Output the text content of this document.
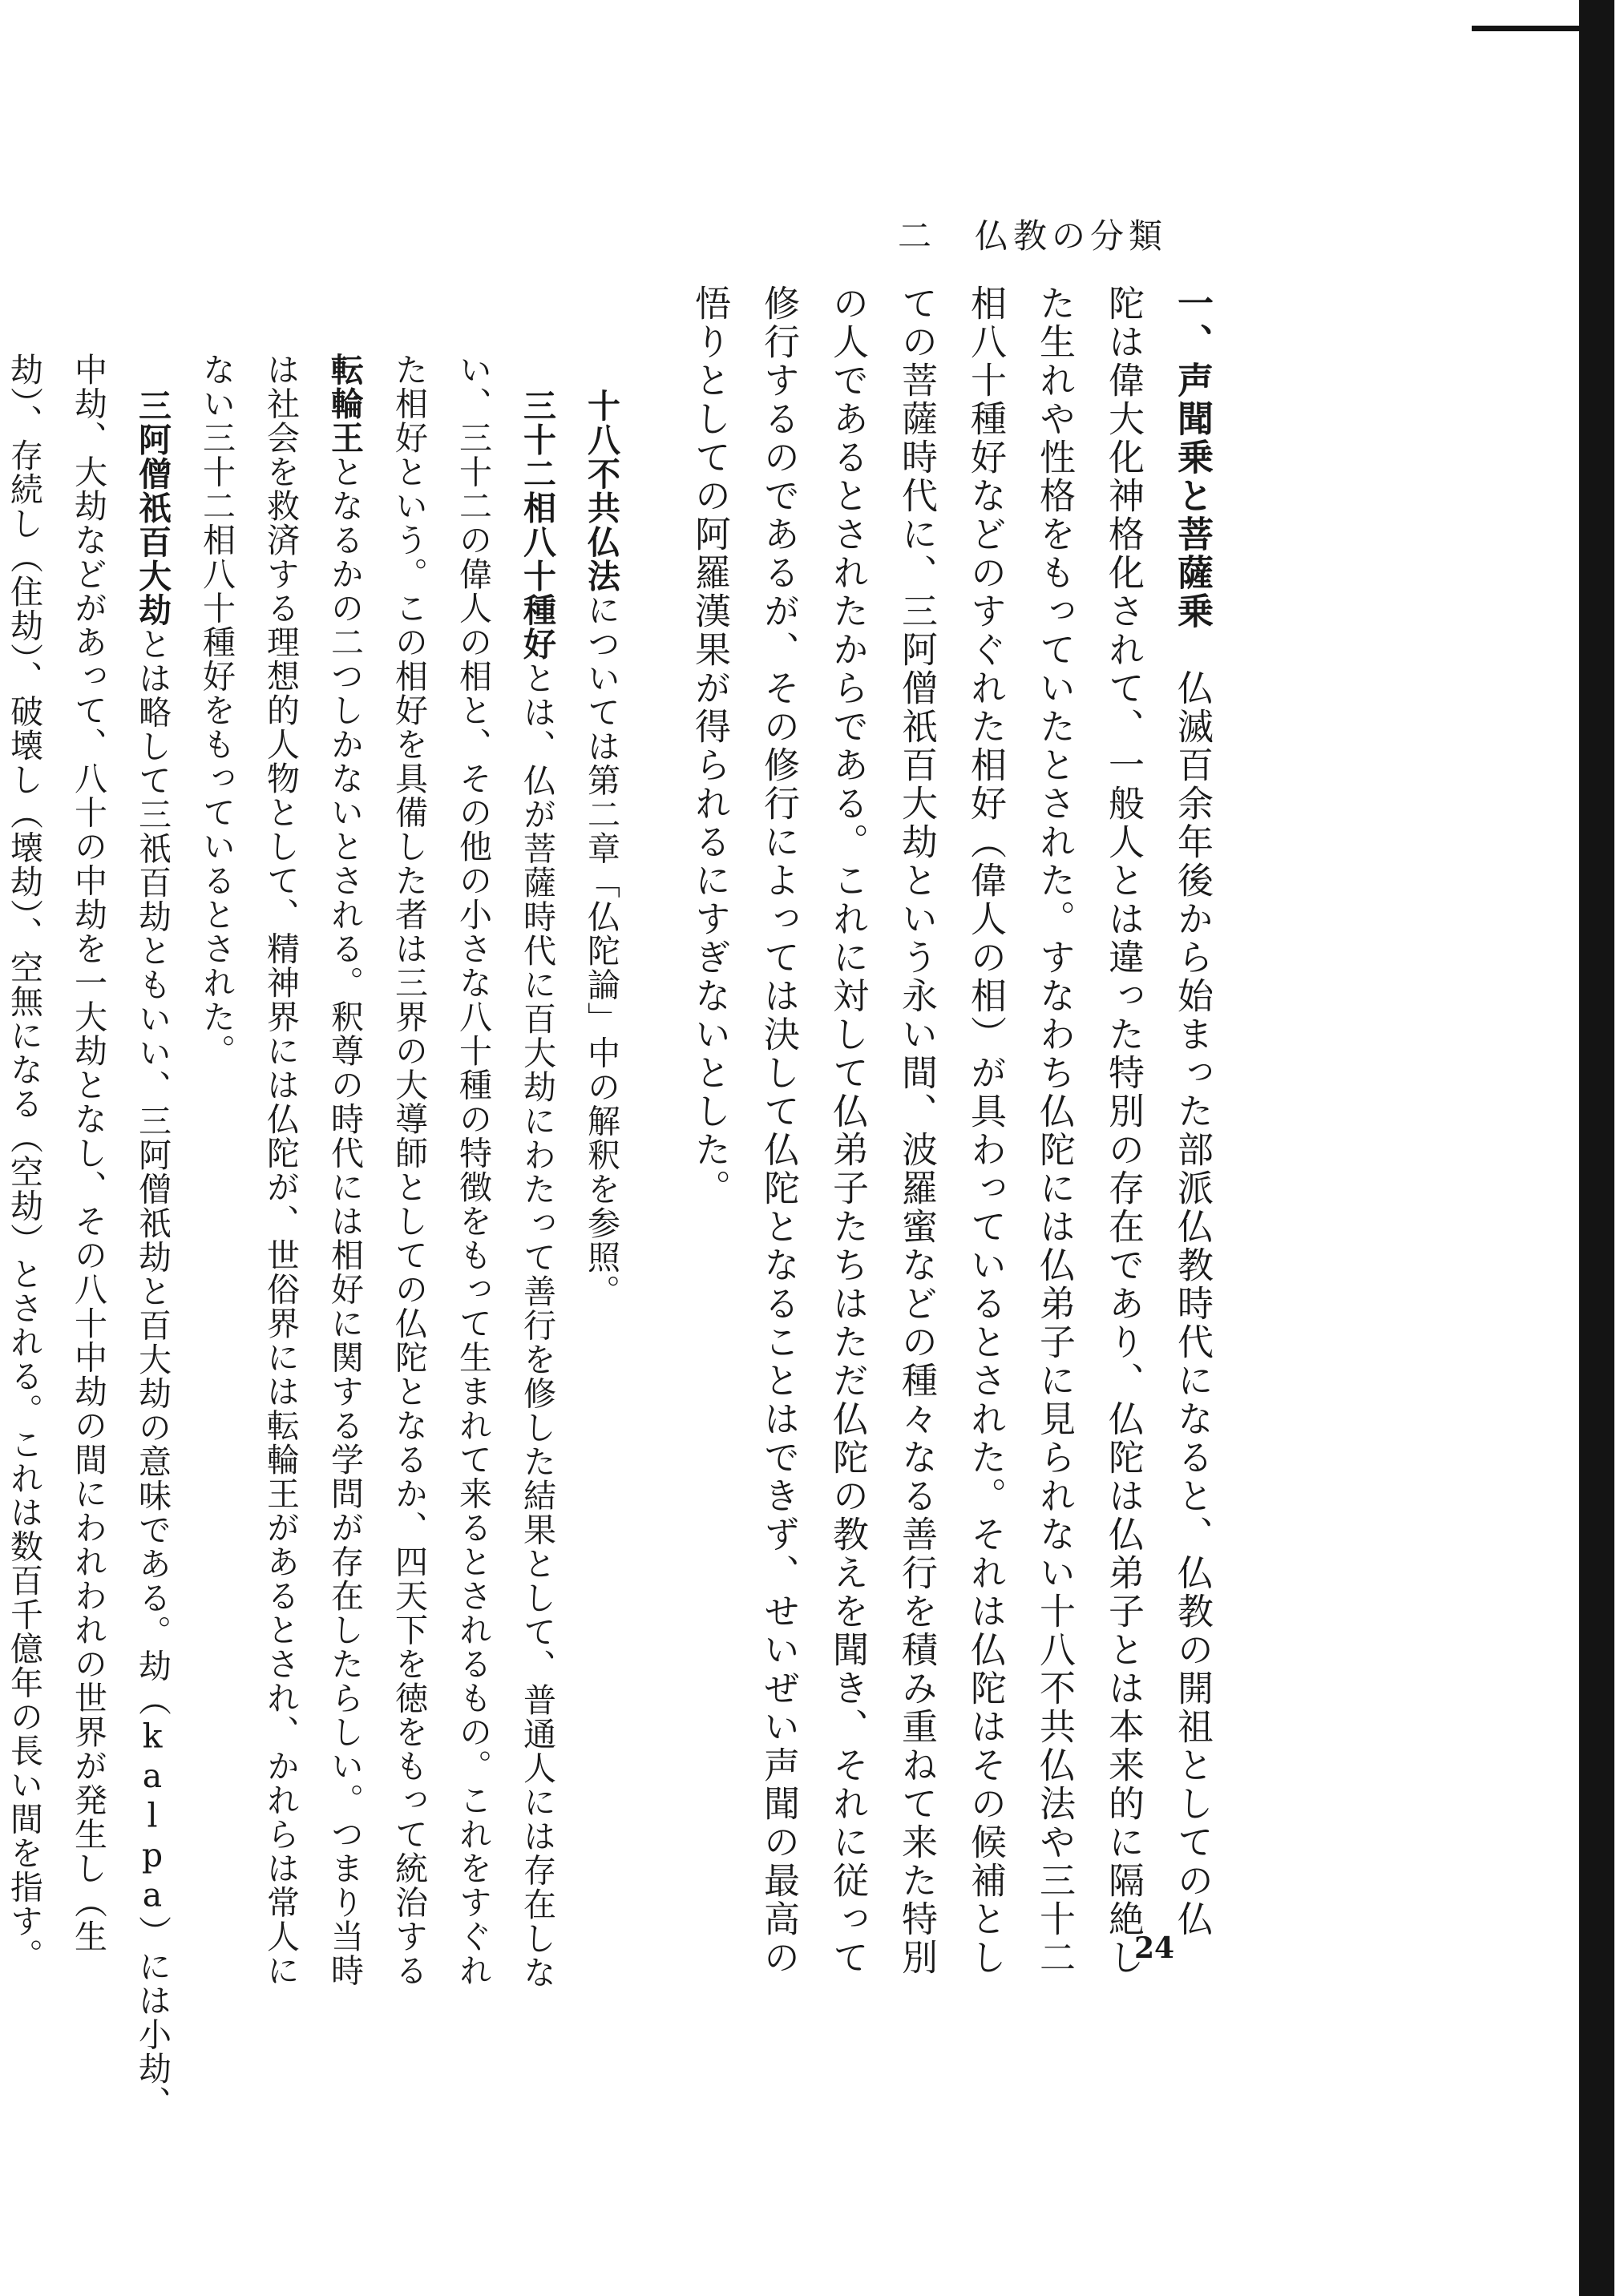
二　仏教の分類
一、声聞乗と菩薩乗　仏滅百余年後から始まった部派仏教時代になると、仏教の開祖としての仏
陀は偉大化神格化されて、一般人とは違った特別の存在であり、仏陀は仏弟子とは本来的に隔絶し
た生れや性格をもっていたとされた。すなわち仏陀には仏弟子に見られない十八不共仏法や三十二
相八十種好などのすぐれた相好（偉人の相）が具わっているとされた。それは仏陀はその候補とし
ての菩薩時代に、三阿僧祇百大劫という永い間、波羅蜜などの種々なる善行を積み重ねて来た特別
の人であるとされたからである。これに対して仏弟子たちはただ仏陀の教えを聞き、それに従って
修行するのであるが、その修行によっては決して仏陀となることはできず、せいぜい声聞の最高の
悟りとしての阿羅漢果が得られるにすぎないとした。
十八不共仏法については第二章「仏陀論」中の解釈を参照。
三十二相八十種好とは、仏が菩薩時代に百大劫にわたって善行を修した結果として、普通人には存在しな
い、三十二の偉人の相と、その他の小さな八十種の特徴をもって生まれて来るとされるもの。これをすぐれ
た相好という。この相好を具備した者は三界の大導師としての仏陀となるか、四天下を徳をもって統治する
転輪王となるかの二つしかないとされる。釈尊の時代には相好に関する学問が存在したらしい。つまり当時
は社会を救済する理想的人物として、精神界には仏陀が、世俗界には転輪王があるとされ、かれらは常人に
ない三十二相八十種好をもっているとされた。
三阿僧祇百大劫とは略して三祇百劫ともいい、三阿僧祇劫と百大劫の意味である。劫（kalpa）には小劫、
中劫、大劫などがあって、八十の中劫を一大劫となし、その八十中劫の間にわれわれの世界が発生し（生
劫）、存続し（住劫）、破壊し（壊劫）、空無になる（空劫）とされる。これは数百千億年の長い間を指す。	24
